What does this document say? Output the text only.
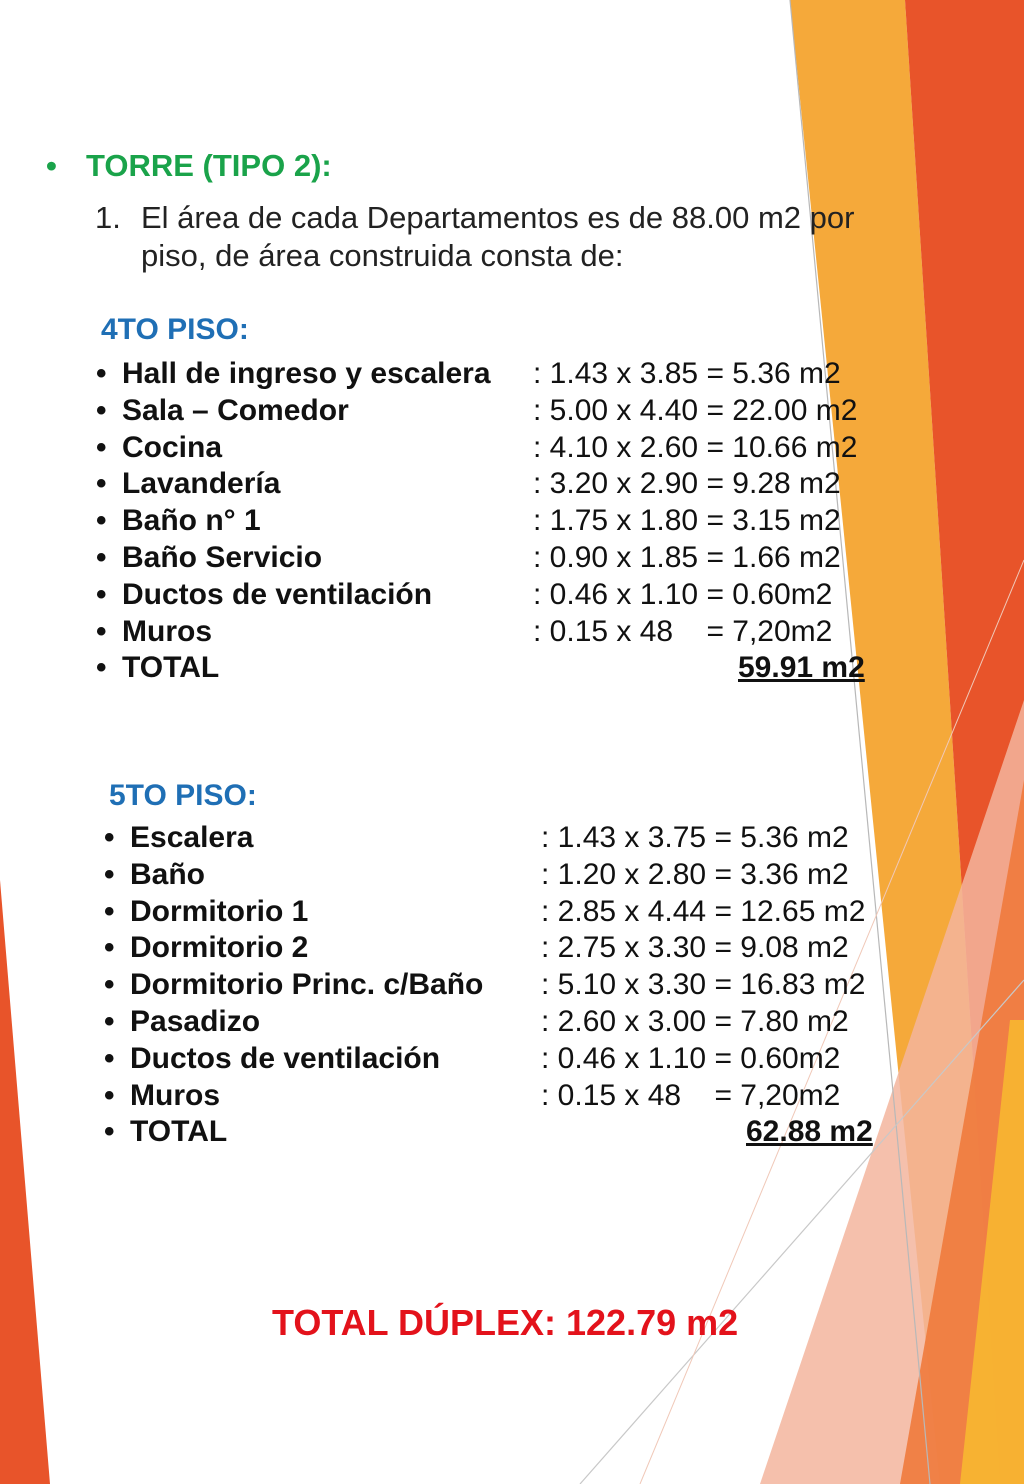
• TORRE (TIPO 2):
1. El área de cada Departamentos es de 88.00 m2 por piso, de área construida consta de:
4TO PISO:
• Hall de ingreso y escalera : 1.43 x 3.85 = 5.36 m2
• Sala – Comedor	: 5.00 x 4.40 = 22.00 m2
• Cocina	: 4.10 x 2.60 = 10.66 m2
• Lavandería	: 3.20 x 2.90 = 9.28 m2
• Baño n° 1	: 1.75 x 1.80 = 3.15 m2
• Baño Servicio	: 0.90 x 1.85 = 1.66 m2
• Ductos de ventilación	: 0.46 x 1.10 = 0.60m2
• Muros	: 0.15 x 48    = 7,20m2
• TOTAL	59.91 m2
5TO PISO:
• Escalera	: 1.43 x 3.75 = 5.36 m2
• Baño	: 1.20 x 2.80 = 3.36 m2
• Dormitorio 1	: 2.85 x 4.44 = 12.65 m2
• Dormitorio 2	: 2.75 x 3.30 = 9.08 m2
• Dormitorio Princ. c/Baño : 5.10 x 3.30 = 16.83 m2
• Pasadizo	: 2.60 x 3.00 = 7.80 m2
• Ductos de ventilación	: 0.46 x 1.10 = 0.60m2
• Muros	: 0.15 x 48    = 7,20m2
• TOTAL	62.88 m2
TOTAL DÚPLEX: 122.79 m2
